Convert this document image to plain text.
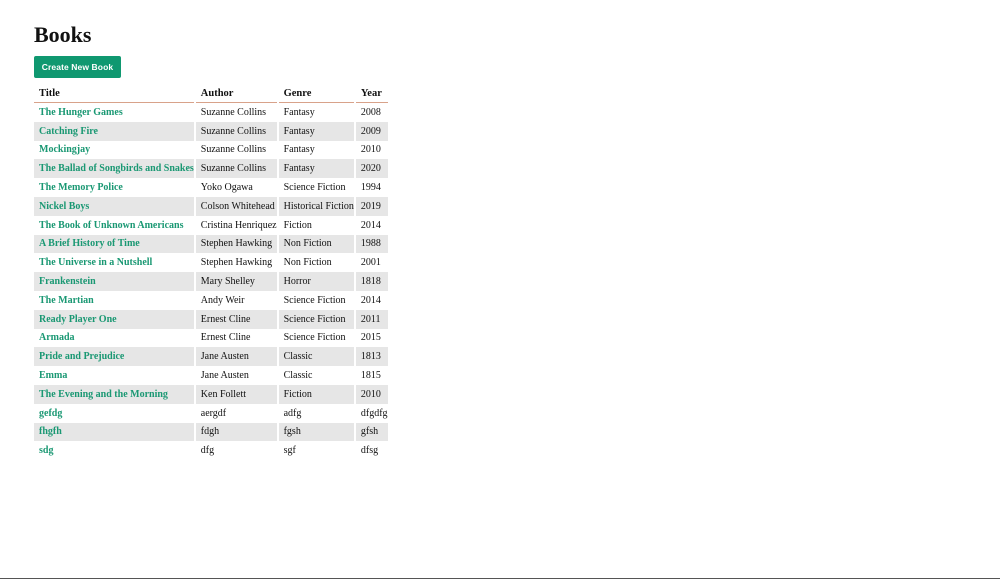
Books
Create New Book
Title	Author	Genre	Year
The Hunger Games	Suzanne Collins	Fantasy	2008
Catching Fire	Suzanne Collins	Fantasy	2009
Mockingjay	Suzanne Collins	Fantasy	2010
The Ballad of Songbirds and Snakes	Suzanne Collins	Fantasy	2020
The Memory Police	Yoko Ogawa	Science Fiction	1994
Nickel Boys	Colson Whitehead	Historical Fiction	2019
The Book of Unknown Americans	Cristina Henriquez	Fiction	2014
A Brief History of Time	Stephen Hawking	Non Fiction	1988
The Universe in a Nutshell	Stephen Hawking	Non Fiction	2001
Frankenstein	Mary Shelley	Horror	1818
The Martian	Andy Weir	Science Fiction	2014
Ready Player One	Ernest Cline	Science Fiction	2011
Armada	Ernest Cline	Science Fiction	2015
Pride and Prejudice	Jane Austen	Classic	1813
Emma	Jane Austen	Classic	1815
The Evening and the Morning	Ken Follett	Fiction	2010
gefdg	aergdf	adfg	dfgdfg
fhgfh	fdgh	fgsh	gfsh
sdg	dfg	sgf	dfsg
